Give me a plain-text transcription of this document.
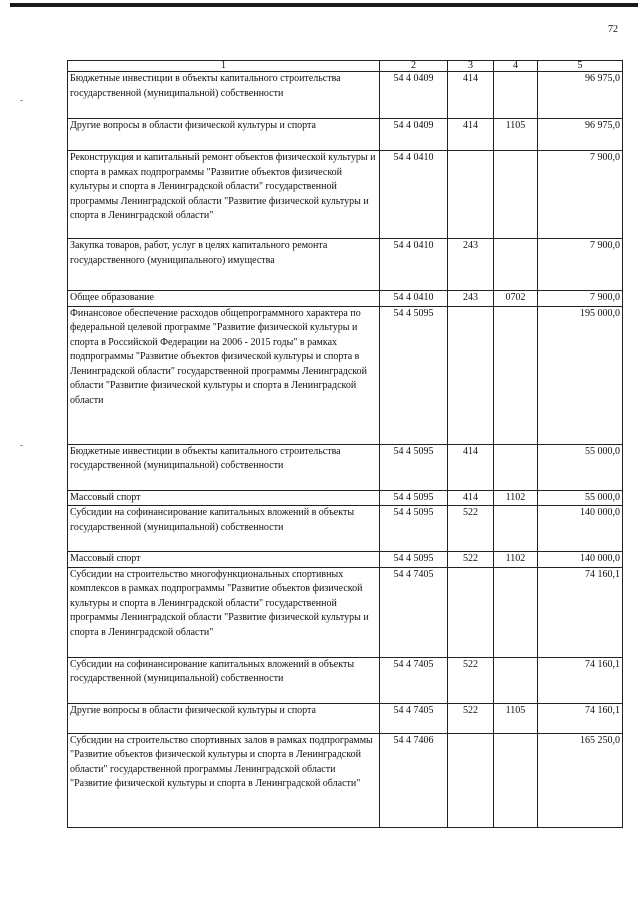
72
1	2	3	4	5
Бюджетные инвестиции в объекты капитального строительства государственной (муниципальной) собственности	54 4 0409	414		96 975,0
Другие вопросы в области физической культуры и спорта	54 4 0409	414	1105	96 975,0
Реконструкция и капитальный ремонт объектов физической культуры и спорта в рамках подпрограммы "Развитие объектов физической культуры и спорта в Ленинградской области" государственной программы Ленинградской области "Развитие физической культуры и спорта в Ленинградской области"	54 4 0410			7 900,0
Закупка товаров, работ, услуг в целях капитального ремонта государственного (муниципального) имущества	54 4 0410	243		7 900,0
Общее образование	54 4 0410	243	0702	7 900,0
Финансовое обеспечение расходов общепрограммного характера по федеральной целевой программе "Развитие физической культуры и спорта в Российской Федерации на 2006 - 2015 годы" в рамках подпрограммы "Развитие объектов физической культуры и спорта в Ленинградской области" государственной программы Ленинградской области "Развитие физической культуры и спорта в Ленинградской области	54 4 5095			195 000,0
Бюджетные инвестиции в объекты капитального строительства государственной (муниципальной) собственности	54 4 5095	414		55 000,0
Массовый спорт	54 4 5095	414	1102	55 000,0
Субсидии на софинансирование капитальных вложений в объекты государственной (муниципальной) собственности	54 4 5095	522		140 000,0
Массовый спорт	54 4 5095	522	1102	140 000,0
Субсидии на строительство многофункциональных спортивных комплексов в рамках подпрограммы "Развитие объектов физической культуры и спорта в Ленинградской области" государственной программы Ленинградской области "Развитие физической культуры и спорта в Ленинградской области"	54 4 7405			74 160,1
Субсидии на софинансирование капитальных вложений в объекты государственной (муниципальной) собственности	54 4 7405	522		74 160,1
Другие вопросы в области физической культуры и спорта	54 4 7405	522	1105	74 160,1
Субсидии на строительство спортивных залов в рамках подпрограммы "Развитие объектов физической культуры и спорта в Ленинградской области" государственной программы Ленинградской области "Развитие физической культуры и спорта в Ленинградской области"	54 4 7406			165 250,0
